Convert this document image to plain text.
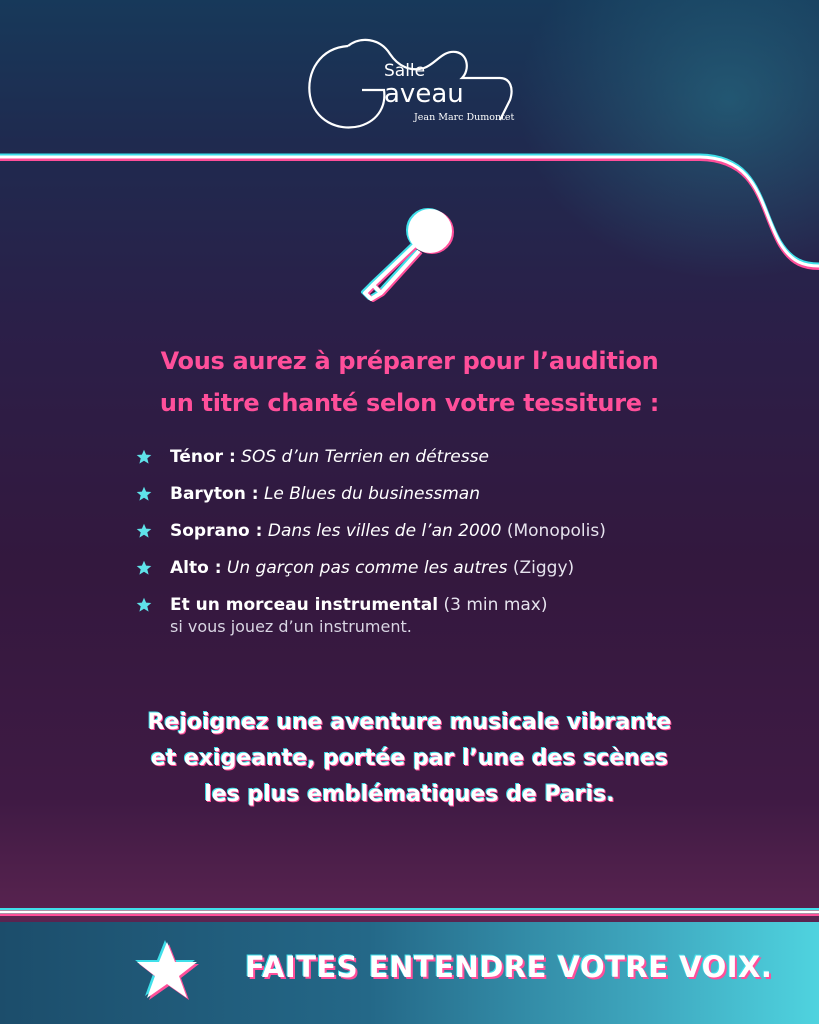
Salle
aveau
Jean Marc Dumontet
Vous aurez à préparer pour l’audition
un titre chanté selon votre tessiture :
Ténor : SOS d’un Terrien en détresse
Baryton : Le Blues du businessman
Soprano : Dans les villes de l’an 2000 (Monopolis)
Alto : Un garçon pas comme les autres (Ziggy)
Et un morceau instrumental (3 min max)
si vous jouez d’un instrument.
Rejoignez une aventure musicale vibrante
et exigeante, portée par l’une des scènes
les plus emblématiques de Paris.
FAITES ENTENDRE VOTRE VOIX.
